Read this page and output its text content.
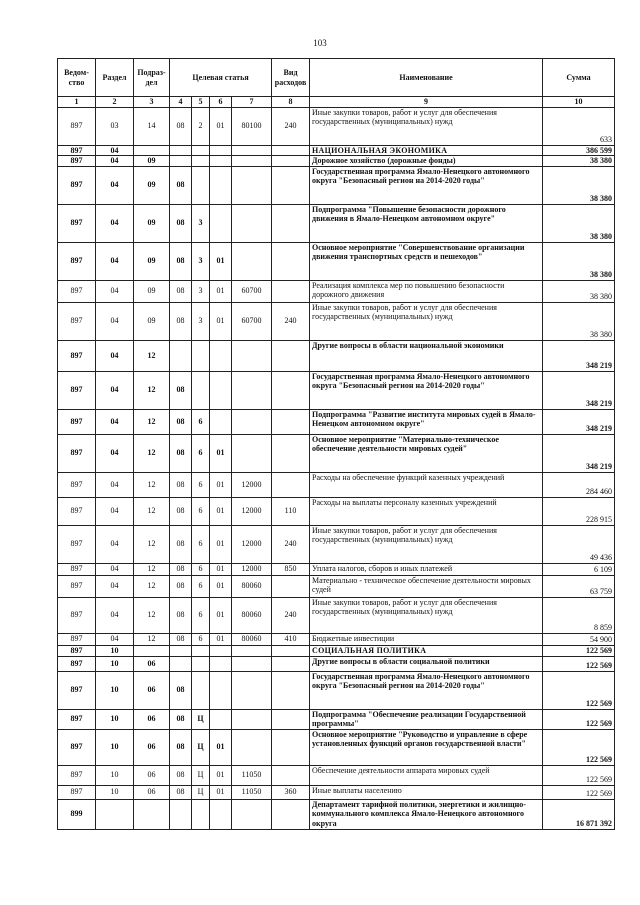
103
Ведом-
ство	Раздел	Подраз-
дел	Целевая статья				Вид
расходов	Наименование	Сумма
1	2	3	4	5	6	7	8	9	10
897	03	14	08	2	01	80100	240	Иные закупки товаров, работ и услуг для обеспечения государственных (муниципальных) нужд	633
897	04							НАЦИОНАЛЬНАЯ ЭКОНОМИКА	386 599
897	04	09						Дорожное хозяйство (дорожные фонды)	38 380
897	04	09	08					Государственная программа Ямало-Ненецкого автономного округа "Безопасный регион на 2014-2020 годы"	38 380
897	04	09	08	3				Подпрограмма "Повышение безопасности дорожного движения в Ямало-Ненецком автономном округе"	38 380
897	04	09	08	3	01			Основное мероприятие "Совершенствование организации движения транспортных средств и пешеходов"	38 380
897	04	09	08	3	01	60700		Реализация комплекса мер по повышению безопасности дорожного движения	38 380
897	04	09	08	3	01	60700	240	Иные закупки товаров, работ и услуг для обеспечения государственных (муниципальных) нужд	38 380
897	04	12						Другие вопросы в области национальной экономики	348 219
897	04	12	08					Государственная программа Ямало-Ненецкого автономного округа "Безопасный регион на 2014-2020 годы"	348 219
897	04	12	08	6				Подпрограмма "Развитие института мировых судей в Ямало-Ненецком автономном округе"	348 219
897	04	12	08	6	01			Основное мероприятие "Материально-техническое обеспечение деятельности мировых судей"	348 219
897	04	12	08	6	01	12000		Расходы на обеспечение функций казенных учреждений	284 460
897	04	12	08	6	01	12000	110	Расходы на выплаты персоналу казенных учреждений	228 915
897	04	12	08	6	01	12000	240	Иные закупки товаров, работ и услуг для обеспечения государственных (муниципальных) нужд	49 436
897	04	12	08	6	01	12000	850	Уплата налогов, сборов и иных платежей	6 109
897	04	12	08	6	01	80060		Материально - техническое обеспечение деятельности мировых судей	63 759
897	04	12	08	6	01	80060	240	Иные закупки товаров, работ и услуг для обеспечения государственных (муниципальных) нужд	8 859
897	04	12	08	6	01	80060	410	Бюджетные инвестиции	54 900
897	10							СОЦИАЛЬНАЯ ПОЛИТИКА	122 569
897	10	06						Другие вопросы в области социальной политики	122 569
897	10	06	08					Государственная программа Ямало-Ненецкого автономного округа "Безопасный регион на 2014-2020 годы"	122 569
897	10	06	08	Ц				Подпрограмма "Обеспечение реализации Государственной программы"	122 569
897	10	06	08	Ц	01			Основное мероприятие "Руководство и управление в сфере установленных функций органов государственной власти"	122 569
897	10	06	08	Ц	01	11050		Обеспечение деятельности аппарата мировых судей	122 569
897	10	06	08	Ц	01	11050	360	Иные выплаты населению	122 569
899								Департамент тарифной политики, энергетики и жилищно-коммунального комплекса Ямало-Ненецкого автономного округа	16 871 392
